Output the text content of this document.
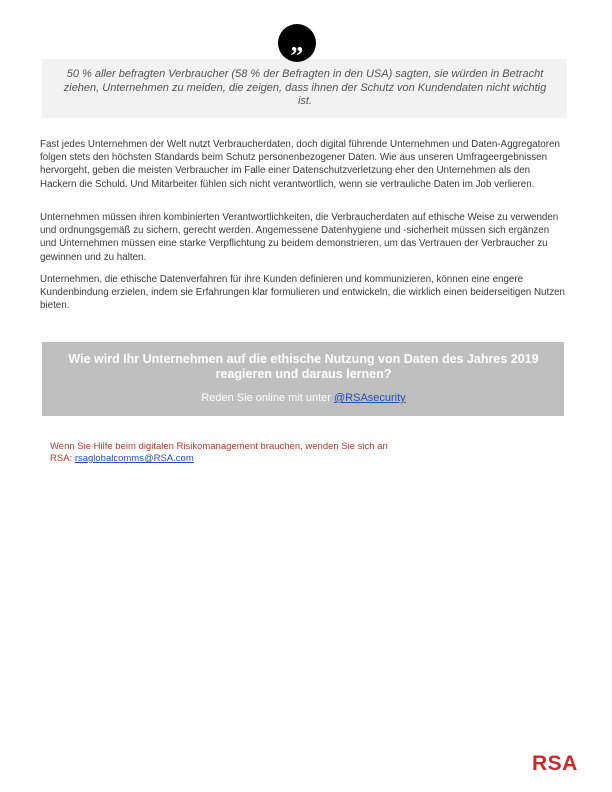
„
50 % aller befragten Verbraucher (58 % der Befragten in den USA) sagten, sie würden in Betracht ziehen, Unternehmen zu meiden, die zeigen, dass ihnen der Schutz von Kundendaten nicht wichtig ist.
Fast jedes Unternehmen der Welt nutzt Verbraucherdaten, doch digital führende Unternehmen und Daten-Aggregatoren folgen stets den höchsten Standards beim Schutz personenbezogener Daten. Wie aus unseren Umfrageergebnissen hervorgeht, geben die meisten Verbraucher im Falle einer Datenschutzverletzung eher den Unternehmen als den Hackern die Schuld. Und Mitarbeiter fühlen sich nicht verantwortlich, wenn sie vertrauliche Daten im Job verlieren.
Unternehmen müssen ihren kombinierten Verantwortlichkeiten, die Verbraucherdaten auf ethische Weise zu verwenden und ordnungsgemäß zu sichern, gerecht werden. Angemessene Datenhygiene und -sicherheit müssen sich ergänzen und Unternehmen müssen eine starke Verpflichtung zu beidem demonstrieren, um das Vertrauen der Verbraucher zu gewinnen und zu halten.
Unternehmen, die ethische Datenverfahren für ihre Kunden definieren und kommunizieren, können eine engere Kundenbindung erzielen, indem sie Erfahrungen klar formulieren und entwickeln, die wirklich einen beiderseitigen Nutzen bieten.
Wie wird Ihr Unternehmen auf die ethische Nutzung von Daten des Jahres 2019 reagieren und daraus lernen?
Reden Sie online mit unter @RSAsecurity
Wenn Sie Hilfe beim digitalen Risikomanagement brauchen, wenden Sie sich an RSA: rsaglobalcomms@RSA.com
RSA
